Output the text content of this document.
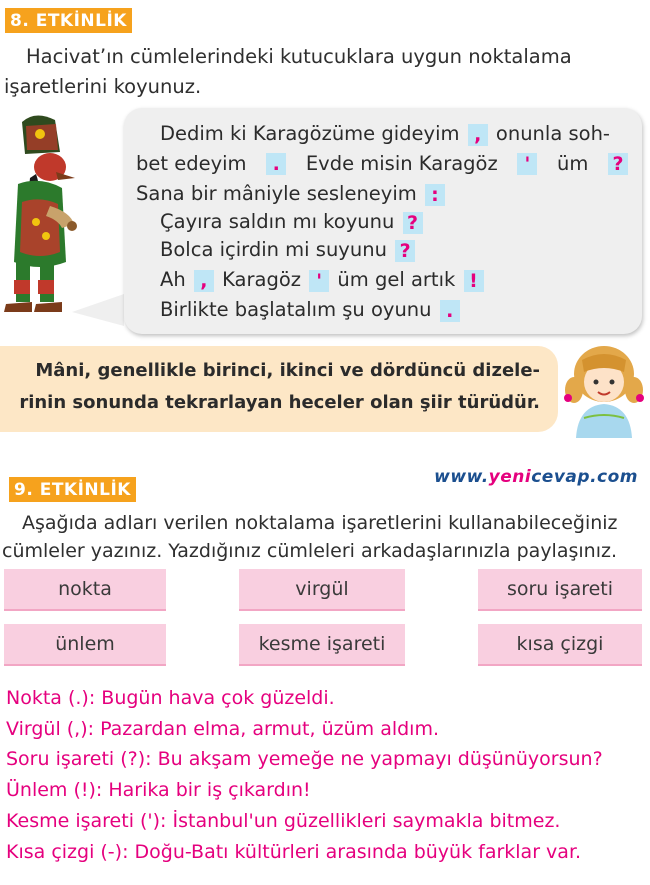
8. ETKİNLİK
Hacivat’ın cümlelerindeki kutucuklara uygun noktalama
işaretlerini koyunuz.
Dedim ki Karagözüme gideyim , onunla soh-
bet edeyim	.	Evde misin Karagöz	'	üm ?
Sana bir mâniyle sesleneyim :
Çayıra saldın mı koyunu ?
Bolca içirdin mi suyunu ?
Ah , Karagöz ' üm gel artık !
Birlikte başlatalım şu oyunu .
Mâni, genellikle birinci, ikinci ve dördüncü dizele-
rinin sonunda tekrarlayan heceler olan şiir türüdür.
9. ETKİNLİK
www.yenicevap.com
Aşağıda adları verilen noktalama işaretlerini kullanabileceğiniz
cümleler yazınız. Yazdığınız cümleleri arkadaşlarınızla paylaşınız.
nokta	virgül	soru işareti
ünlem	kesme işareti	kısa çizgi
Nokta (.): Bugün hava çok güzeldi.
Virgül (,): Pazardan elma, armut, üzüm aldım.
Soru işareti (?): Bu akşam yemeğe ne yapmayı düşünüyorsun?
Ünlem (!): Harika bir iş çıkardın!
Kesme işareti ('): İstanbul'un güzellikleri saymakla bitmez.
Kısa çizgi (-): Doğu-Batı kültürleri arasında büyük farklar var.
